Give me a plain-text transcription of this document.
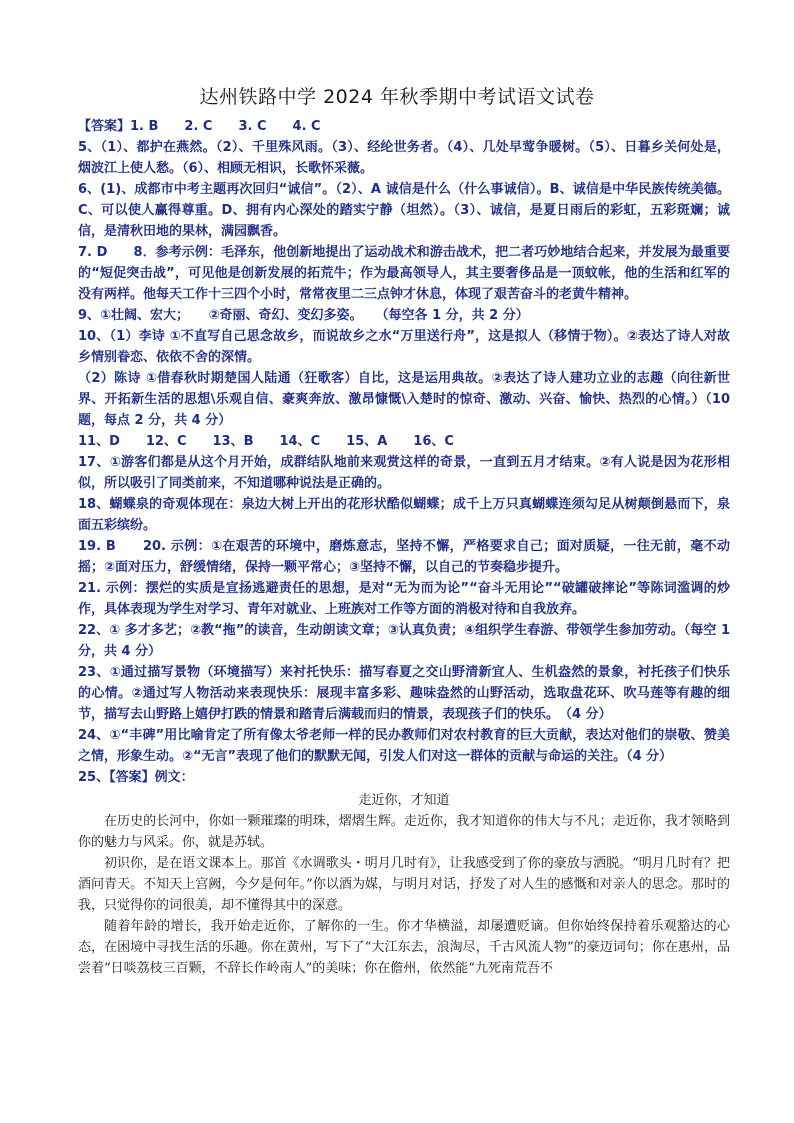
达州铁路中学 2024 年秋季期中考试语文试卷

【答案】1. B　　2. C　　3. C　　4. C

5、（1）、都护在燕然。（2）、千里殊风雨。（3）、经纶世务者。（4）、几处早莺争暖树。（5）、日暮乡关何处是，烟波江上使人愁。（6）、相顾无相识，长歌怀采薇。

6、(1)、成都市中考主题再次回归“诚信”。（2）、A 诚信是什么（什么事诚信）。B、诚信是中华民族传统美德。C、可以使人赢得尊重。D、拥有内心深处的踏实宁静（坦然）。（3）、诚信，是夏日雨后的彩虹，五彩斑斓；诚信，是清秋田地的果林，满园飘香。

7. D　　8．参考示例：毛泽东，他创新地提出了运动战术和游击战术，把二者巧妙地结合起来，并发展为最重要的“短促突击战”，可见他是创新发展的拓荒牛；作为最高领导人，其主要奢侈品是一顶蚊帐，他的生活和红军的没有两样。他每天工作十三四个小时，常常夜里二三点钟才休息，体现了艰苦奋斗的老黄牛精神。

9、①壮阔、宏大；　　②奇丽、奇幻、变幻多姿。　　（每空各 1 分，共 2 分）

10、（1）李诗 ①不直写自己思念故乡，而说故乡之水“万里送行舟”，这是拟人（移情于物）。②表达了诗人对故乡情别眷恋、依依不舍的深情。

（2）陈诗 ①借春秋时期楚国人陆通（狂歌客）自比，这是运用典故。②表达了诗人建功立业的志趣（向往新世界、开拓新生活的思想\乐观自信、豪爽奔放、激昂慷慨\入楚时的惊奇、激动、兴奋、愉快、热烈的心情。）（10 题，每点 2 分，共 4 分）

11、D　　12、C　　13、B　　14、C　　15、A　　16、C

17、①游客们都是从这个月开始，成群结队地前来观赏这样的奇景，一直到五月才结束。②有人说是因为花形相似，所以吸引了同类前来，不知道哪种说法是正确的。

18、蝴蝶泉的奇观体现在：泉边大树上开出的花形状酷似蝴蝶；成千上万只真蝴蝶连须勾足从树颠倒悬而下，泉面五彩缤纷。

19. B　　20. 示例：①在艰苦的环境中，磨炼意志，坚持不懈，严格要求自己；面对质疑，一往无前，毫不动摇；②面对压力，舒缓情绪，保持一颗平常心；③坚持不懈，以自己的节奏稳步提升。

21. 示例：摆烂的实质是宣扬逃避责任的思想，是对“无为而为论”“奋斗无用论”“破罐破摔论”等陈词滥调的炒作，具体表现为学生对学习、青年对就业、上班族对工作等方面的消极对待和自我放弃。

22、① 多才多艺；②教“拖”的读音，生动朗读文章；③认真负责；④组织学生春游、带领学生参加劳动。（每空 1 分，共 4 分）

23、①通过描写景物（环境描写）来衬托快乐：描写春夏之交山野清新宜人、生机盎然的景象，衬托孩子们快乐的心情。②通过写人物活动来表现快乐：展现丰富多彩、趣味盎然的山野活动，选取盘花环、吹马莲等有趣的细节，描写去山野路上嬉伊打跌的情景和踏青后满载而归的情景，表现孩子们的快乐。　（4 分）

24、①“丰碑”用比喻肯定了所有像太爷老师一样的民办教师们对农村教育的巨大贡献，表达对他们的崇敬、赞美之情，形象生动。②“无言”表现了他们的默默无闻，引发人们对这一群体的贡献与命运的关注。（4 分）

25、【答案】例文：

走近你，才知道

在历史的长河中，你如一颗璀璨的明珠，熠熠生辉。走近你，我才知道你的伟大与不凡；走近你，我才领略到你的魅力与风采。你，就是苏轼。

初识你，是在语文课本上。那首《水调歌头・明月几时有》，让我感受到了你的豪放与洒脱。“明月几时有？把酒问青天。不知天上宫阙，今夕是何年。”你以酒为媒，与明月对话，抒发了对人生的感慨和对亲人的思念。那时的我，只觉得你的词很美，却不懂得其中的深意。

随着年龄的增长，我开始走近你，了解你的一生。你才华横溢，却屡遭贬谪。但你始终保持着乐观豁达的心态，在困境中寻找生活的乐趣。你在黄州，写下了“大江东去，浪淘尽，千古风流人物”的豪迈词句；你在惠州，品尝着“日啖荔枝三百颗，不辞长作岭南人”的美味；你在儋州，依然能“九死南荒吾不
